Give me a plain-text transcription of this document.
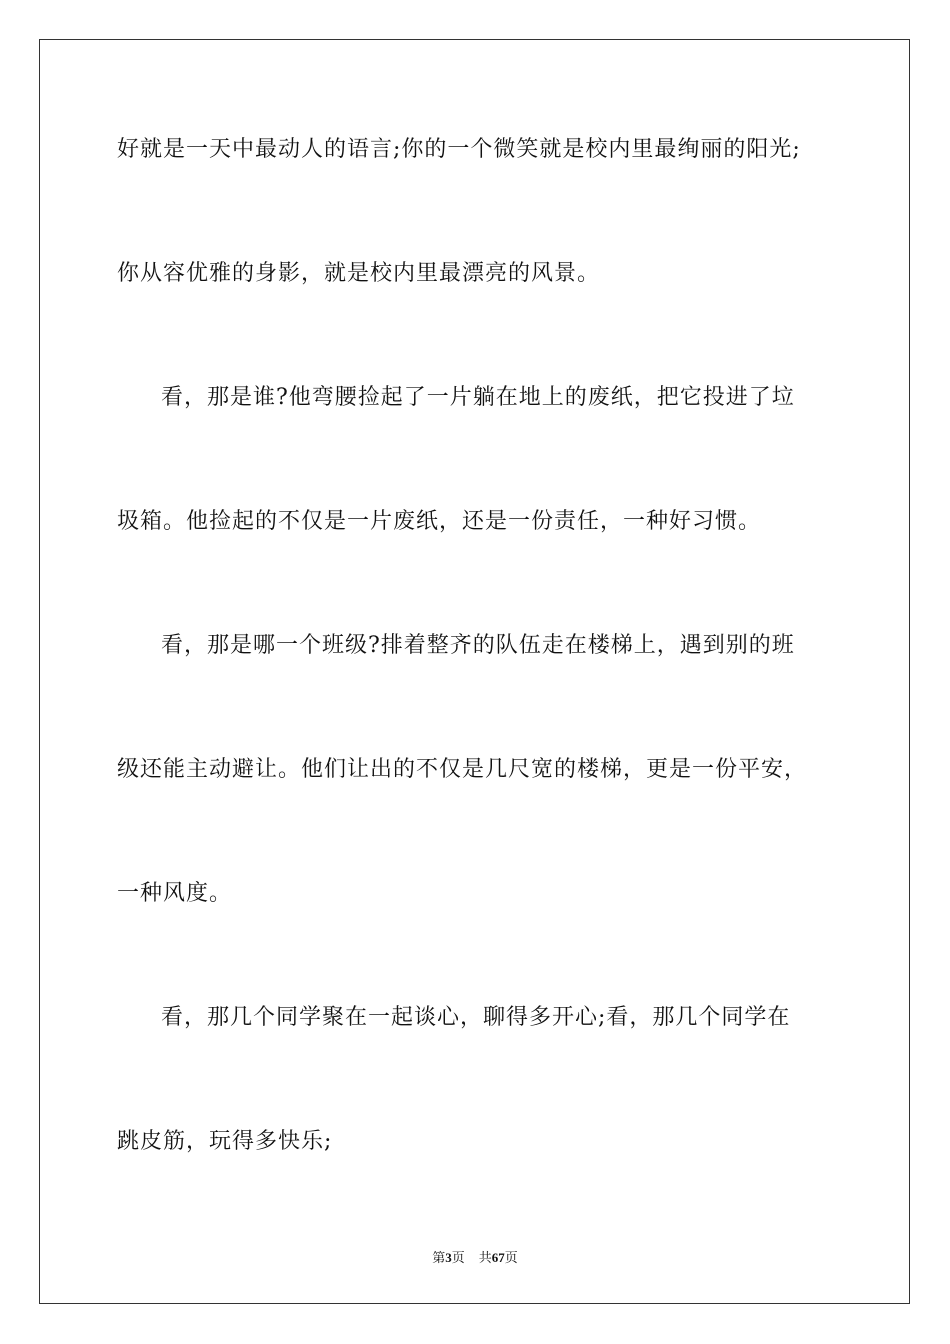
好就是一天中最动人的语言;你的一个微笑就是校内里最绚丽的阳光;
你从容优雅的身影，就是校内里最漂亮的风景。
看，那是谁?他弯腰捡起了一片躺在地上的废纸，把它投进了垃
圾箱。他捡起的不仅是一片废纸，还是一份责任，一种好习惯。
看，那是哪一个班级?排着整齐的队伍走在楼梯上，遇到别的班
级还能主动避让。他们让出的不仅是几尺宽的楼梯，更是一份平安，
一种风度。
看，那几个同学聚在一起谈心，聊得多开心;看，那几个同学在
跳皮筋，玩得多快乐;
第3页 共67页
